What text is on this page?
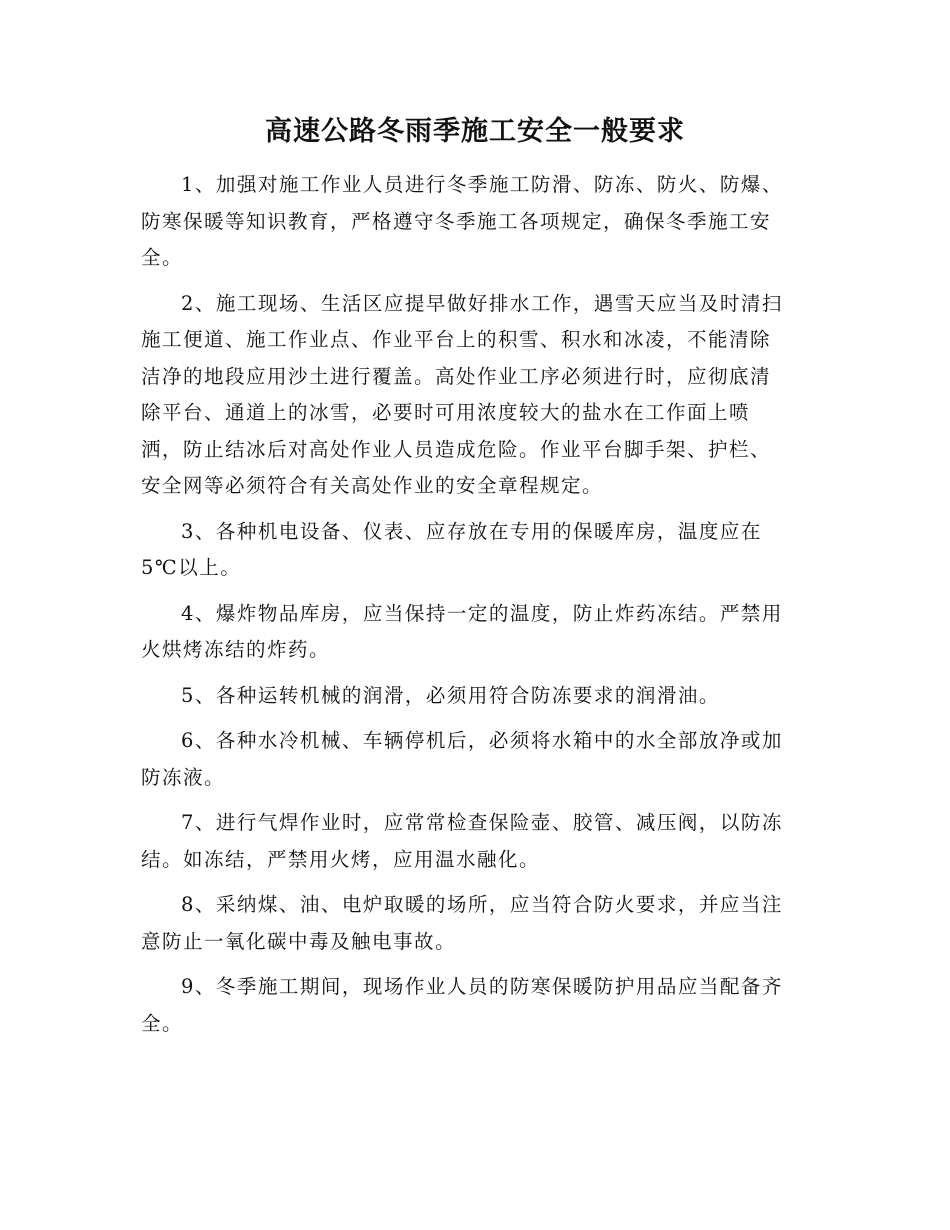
高速公路冬雨季施工安全一般要求

1、加强对施工作业人员进行冬季施工防滑、防冻、防火、防爆、
防寒保暖等知识教育，严格遵守冬季施工各项规定，确保冬季施工安
全。

2、施工现场、生活区应提早做好排水工作，遇雪天应当及时清扫
施工便道、施工作业点、作业平台上的积雪、积水和冰凌，不能清除
洁净的地段应用沙土进行覆盖。高处作业工序必须进行时，应彻底清
除平台、通道上的冰雪，必要时可用浓度较大的盐水在工作面上喷
洒，防止结冰后对高处作业人员造成危险。作业平台脚手架、护栏、
安全网等必须符合有关高处作业的安全章程规定。

3、各种机电设备、仪表、应存放在专用的保暖库房，温度应在
5℃以上。

4、爆炸物品库房，应当保持一定的温度，防止炸药冻结。严禁用
火烘烤冻结的炸药。

5、各种运转机械的润滑，必须用符合防冻要求的润滑油。

6、各种水冷机械、车辆停机后，必须将水箱中的水全部放净或加
防冻液。

7、进行气焊作业时，应常常检查保险壶、胶管、减压阀，以防冻
结。如冻结，严禁用火烤，应用温水融化。

8、采纳煤、油、电炉取暖的场所，应当符合防火要求，并应当注
意防止一氧化碳中毒及触电事故。

9、冬季施工期间，现场作业人员的防寒保暖防护用品应当配备齐
全。
